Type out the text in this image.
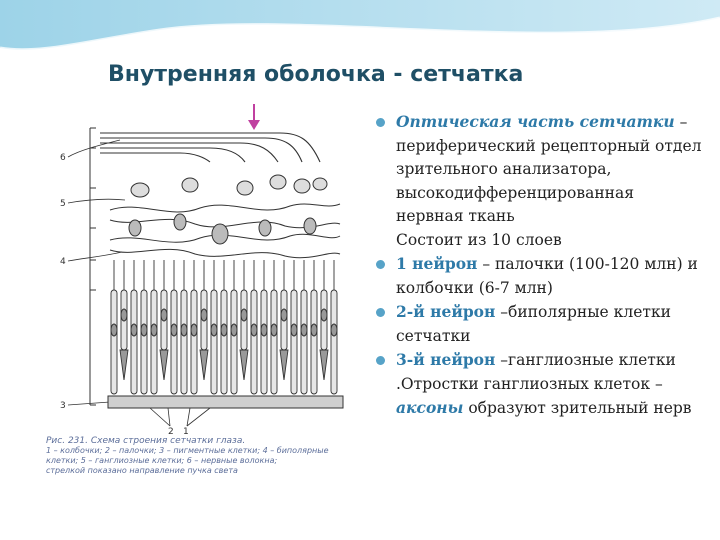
Внутренняя оболочка - сетчатка
6
5
4
3
2 1
Рис. 231. Схема строения сетчатки глаза.
1 – колбочки; 2 – палочки; 3 – пигментные клетки; 4 – биполярные
клетки; 5 – ганглиозные клетки; 6 – нервные волокна;
стрелкой показано направление пучка света
Оптическая часть сетчатки – периферический рецепторный отдел зрительного анализатора, высокодифференцированная нервная ткань
Состоит из 10 слоев
1 нейрон – палочки (100-120 млн) и колбочки (6-7 млн)
2-й нейрон –биполярные клетки сетчатки
3-й нейрон –ганглиозные клетки .Отростки ганглиозных клеток – аксоны образуют зрительный нерв
